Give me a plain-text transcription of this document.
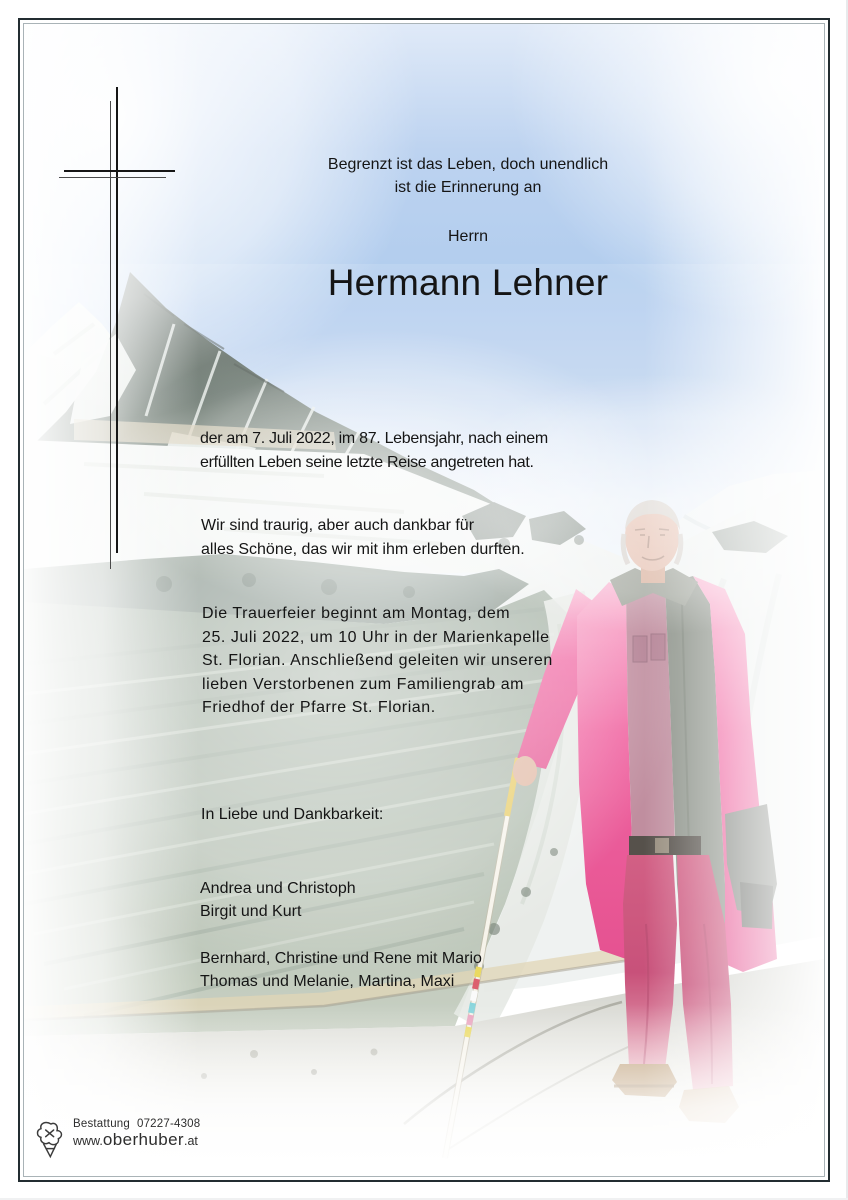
Begrenzt ist das Leben, doch unendlich
ist die Erinnerung an
Herrn
Hermann Lehner
der am 7. Juli 2022, im 87. Lebensjahr, nach einem
erfüllten Leben seine letzte Reise angetreten hat.
Wir sind traurig, aber auch dankbar für
alles Schöne, das wir mit ihm erleben durften.
Die Trauerfeier beginnt am Montag, dem
25. Juli 2022, um 10 Uhr in der Marienkapelle
St. Florian. Anschließend geleiten wir unseren
lieben Verstorbenen zum Familiengrab am
Friedhof der Pfarre St. Florian.
In Liebe und Dankbarkeit:
Andrea und Christoph
Birgit und Kurt
Bernhard, Christine und Rene mit Mario
Thomas und Melanie, Martina, Maxi
Bestattung 07227-4308
www. oberhuber .at
